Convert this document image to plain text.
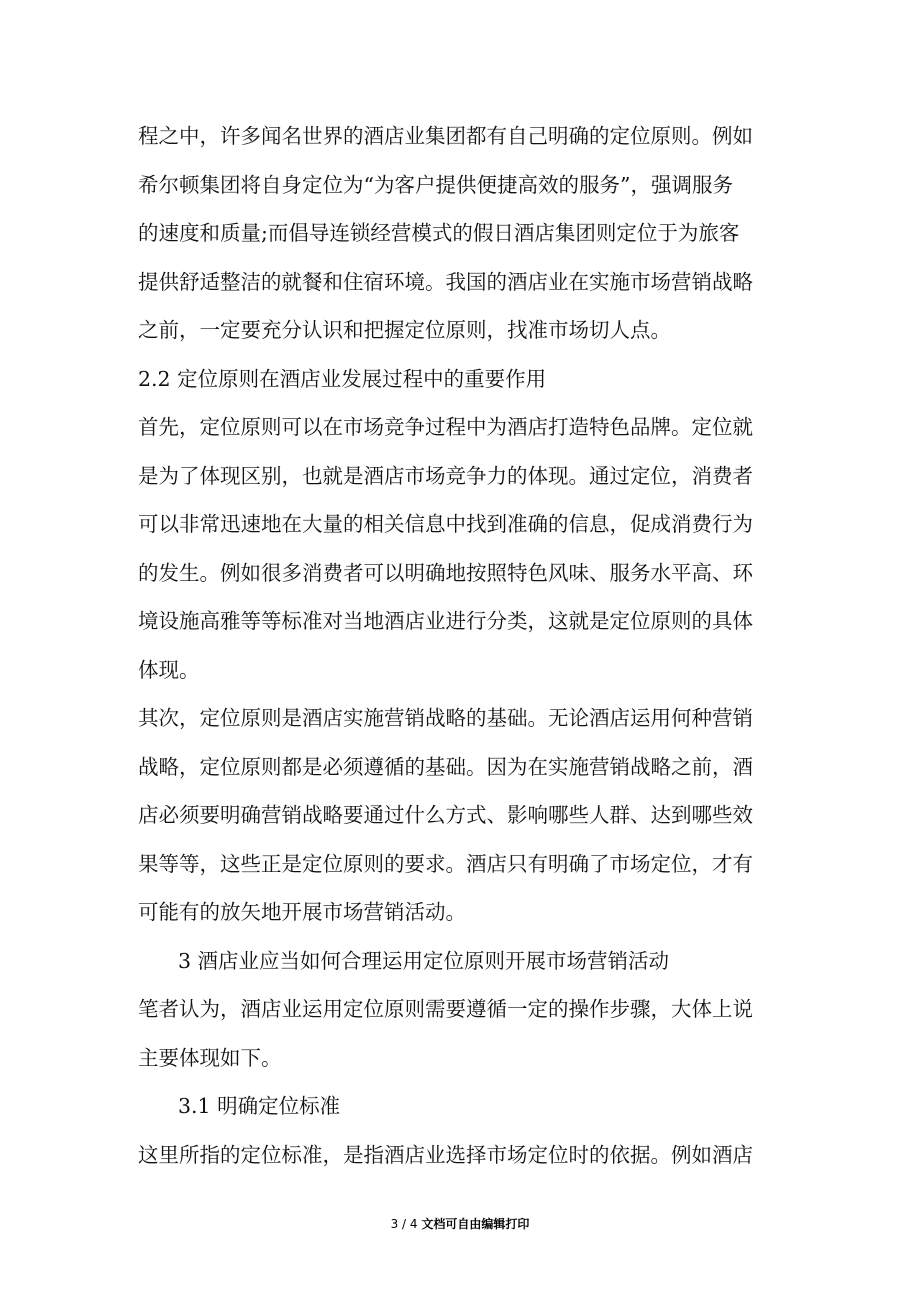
程之中，许多闻名世界的酒店业集团都有自己明确的定位原则。例如
希尔顿集团将自身定位为“为客户提供便捷高效的服务”，强调服务
的速度和质量;而倡导连锁经营模式的假日酒店集团则定位于为旅客
提供舒适整洁的就餐和住宿环境。我国的酒店业在实施市场营销战略
之前，一定要充分认识和把握定位原则，找准市场切人点。
2.2 定位原则在酒店业发展过程中的重要作用
首先，定位原则可以在市场竞争过程中为酒店打造特色品牌。定位就
是为了体现区别，也就是酒店市场竞争力的体现。通过定位，消费者
可以非常迅速地在大量的相关信息中找到准确的信息，促成消费行为
的发生。例如很多消费者可以明确地按照特色风味、服务水平高、环
境设施高雅等等标准对当地酒店业进行分类，这就是定位原则的具体
体现。
其次，定位原则是酒店实施营销战略的基础。无论酒店运用何种营销
战略，定位原则都是必须遵循的基础。因为在实施营销战略之前，酒
店必须要明确营销战略要通过什么方式、影响哪些人群、达到哪些效
果等等，这些正是定位原则的要求。酒店只有明确了市场定位，才有
可能有的放矢地开展市场营销活动。
3 酒店业应当如何合理运用定位原则开展市场营销活动
笔者认为，酒店业运用定位原则需要遵循一定的操作步骤，大体上说
主要体现如下。
3.1 明确定位标准
这里所指的定位标准，是指酒店业选择市场定位时的依据。例如酒店
3 / 4 文档可自由编辑打印
